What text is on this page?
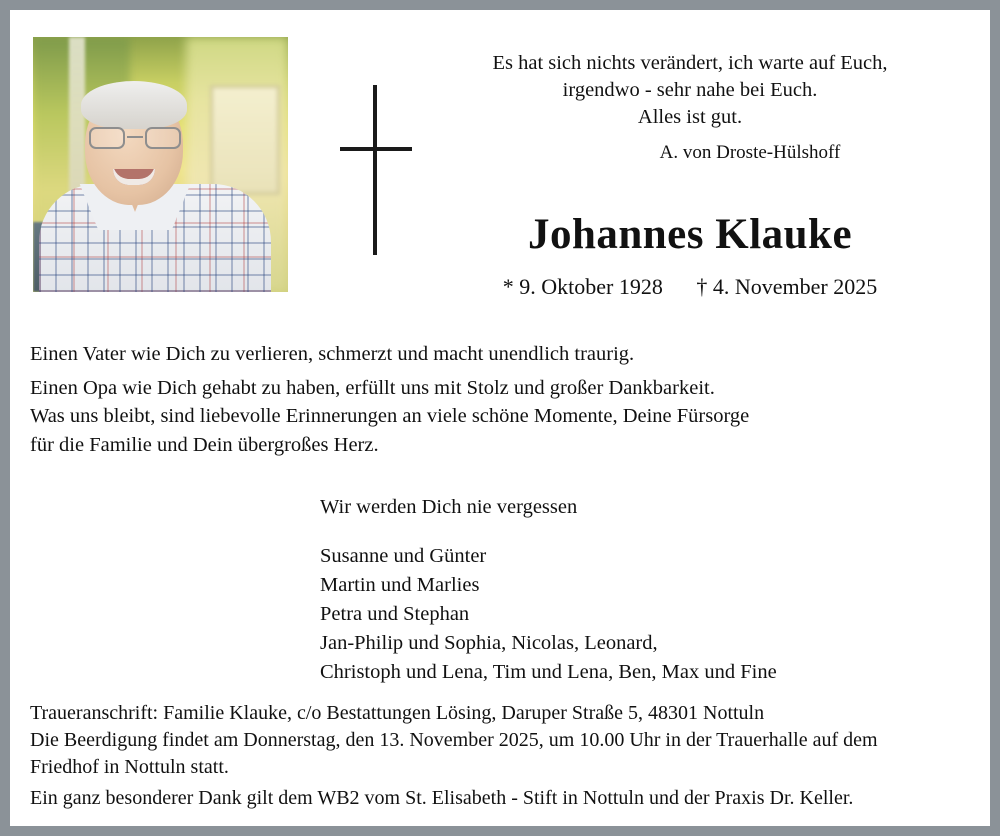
Es hat sich nichts verändert, ich warte auf Euch,
irgendwo - sehr nahe bei Euch.
Alles ist gut.
A. von Droste-Hülshoff
Johannes Klauke
* 9. Oktober 1928 † 4. November 2025

Einen Vater wie Dich zu verlieren, schmerzt und macht unendlich traurig.

Einen Opa wie Dich gehabt zu haben, erfüllt uns mit Stolz und großer Dankbarkeit.

Was uns bleibt, sind liebevolle Erinnerungen an viele schöne Momente, Deine Fürsorge

für die Familie und Dein übergroßes Herz.

Wir werden Dich nie vergessen

Susanne und Günter

Martin und Marlies

Petra und Stephan

Jan-Philip und Sophia, Nicolas, Leonard,

Christoph und Lena, Tim und Lena, Ben, Max und Fine

Traueranschrift: Familie Klauke, c/o Bestattungen Lösing, Daruper Straße 5, 48301 Nottuln

Die Beerdigung findet am Donnerstag, den 13. November 2025, um 10.00 Uhr in der Trauerhalle auf dem

Friedhof in Nottuln statt.

Ein ganz besonderer Dank gilt dem WB2 vom St. Elisabeth - Stift in Nottuln und der Praxis Dr. Keller.
